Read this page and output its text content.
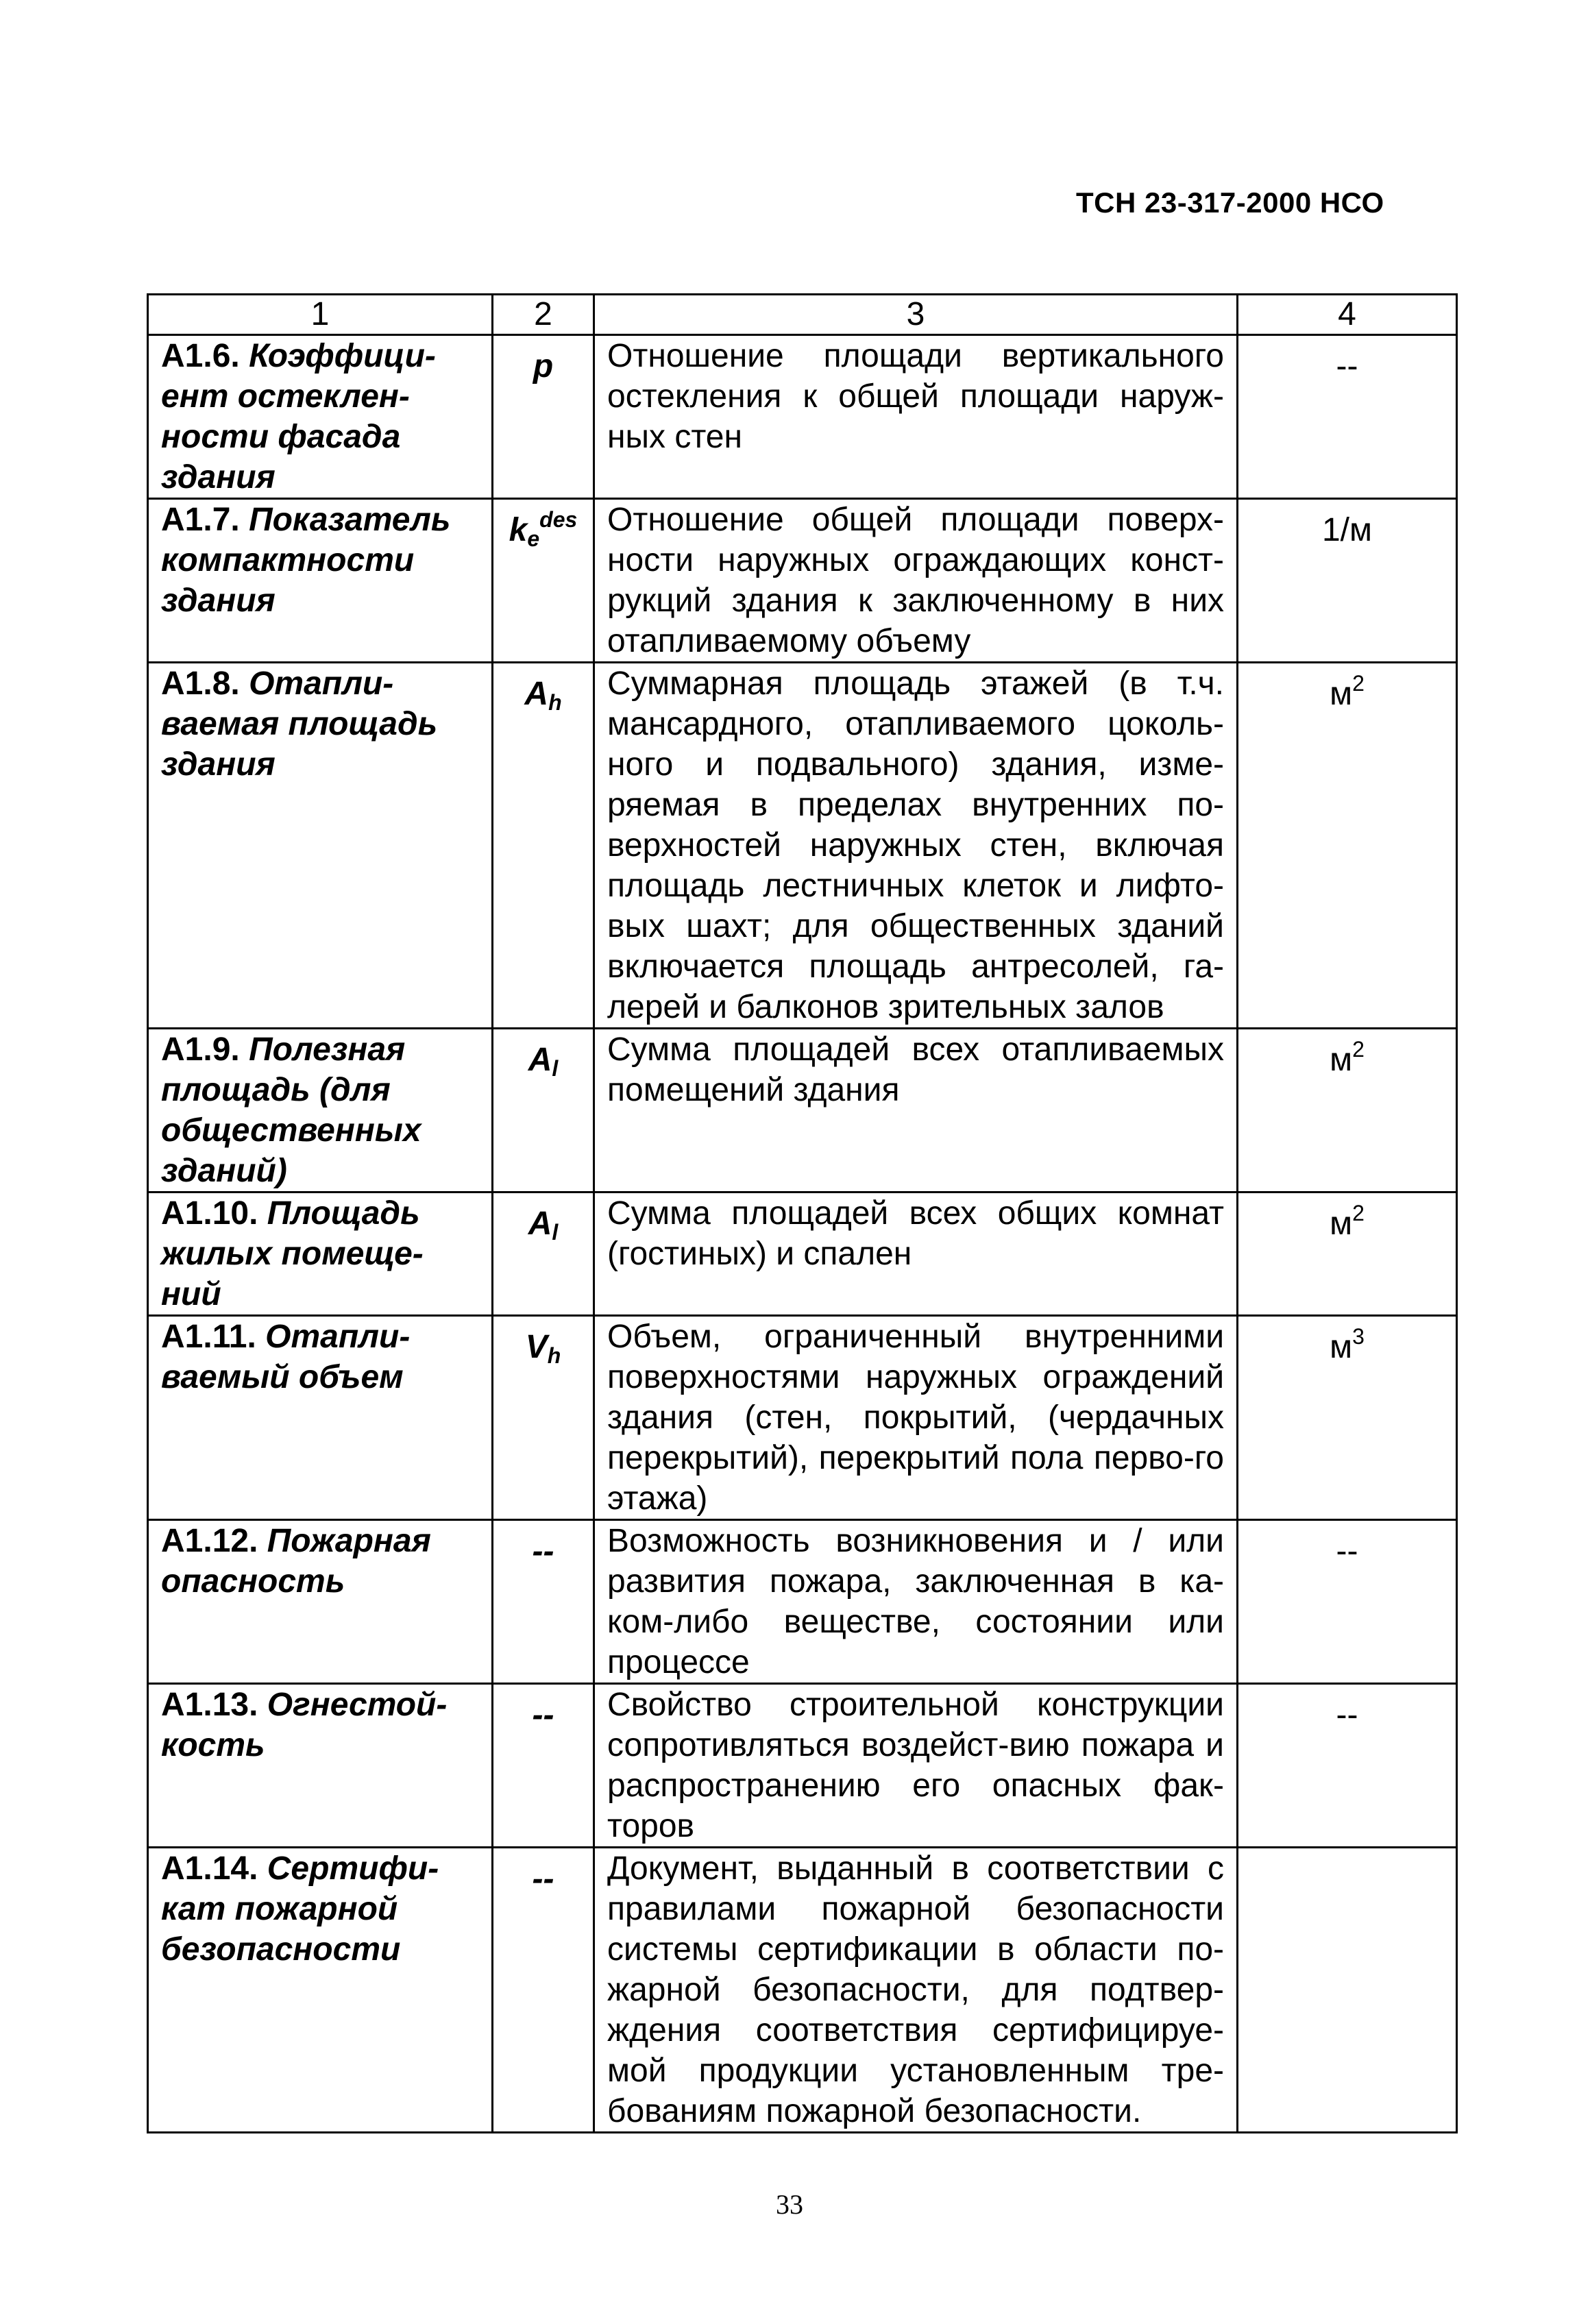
ТСН 23-317-2000 НСО
1	2	3	4
А1.6. Коэффици-ент остеклен-ности фасада здания	p	Отношение площади вертикального остекления к общей площади наруж-ных стен	--
А1.7. Показатель компактности здания	$k_e^{des}$	Отношение общей площади поверх-ности наружных ограждающих конст-рукций здания к заключенному в них отапливаемому объему	1/м
А1.8. Отапли-ваемая площадь здания	$A_h$	Суммарная площадь этажей (в т.ч. мансардного, отапливаемого цоколь-ного и подвального) здания, изме-ряемая в пределах внутренних по-верхностей наружных стен, включая площадь лестничных клеток и лифто-вых шахт; для общественных зданий включается площадь антресолей, га-лерей и балконов зрительных залов	$м^2$
А1.9. Полезная площадь (для общественных зданий)	$A_l$	Сумма площадей всех отапливаемых помещений здания	$м^2$
А1.10. Площадь жилых помеще-ний	$A_l$	Сумма площадей всех общих комнат (гостиных) и спален	$м^2$
А1.11. Отапли-ваемый объем	$V_h$	Объем, ограниченный внутренними поверхностями наружных ограждений здания (стен, покрытий, (чердачных перекрытий), перекрытий пола перво-го этажа)	$м^3$
А1.12. Пожарная опасность	--	Возможность возникновения и / или развития пожара, заключенная в ка-ком-либо веществе, состоянии или процессе	--
А1.13. Огнестой-кость	--	Свойство строительной конструкции сопротивляться воздейст-вию пожара и распространению его опасных фак-торов	--
А1.14. Сертифи-кат пожарной безопасности	--	Документ, выданный в соответствии с правилами пожарной безопасности системы сертификации в области по-жарной безопасности, для подтвер-ждения соответствия сертифицируе-мой продукции установленным тре-бованиям пожарной безопасности.	
33
